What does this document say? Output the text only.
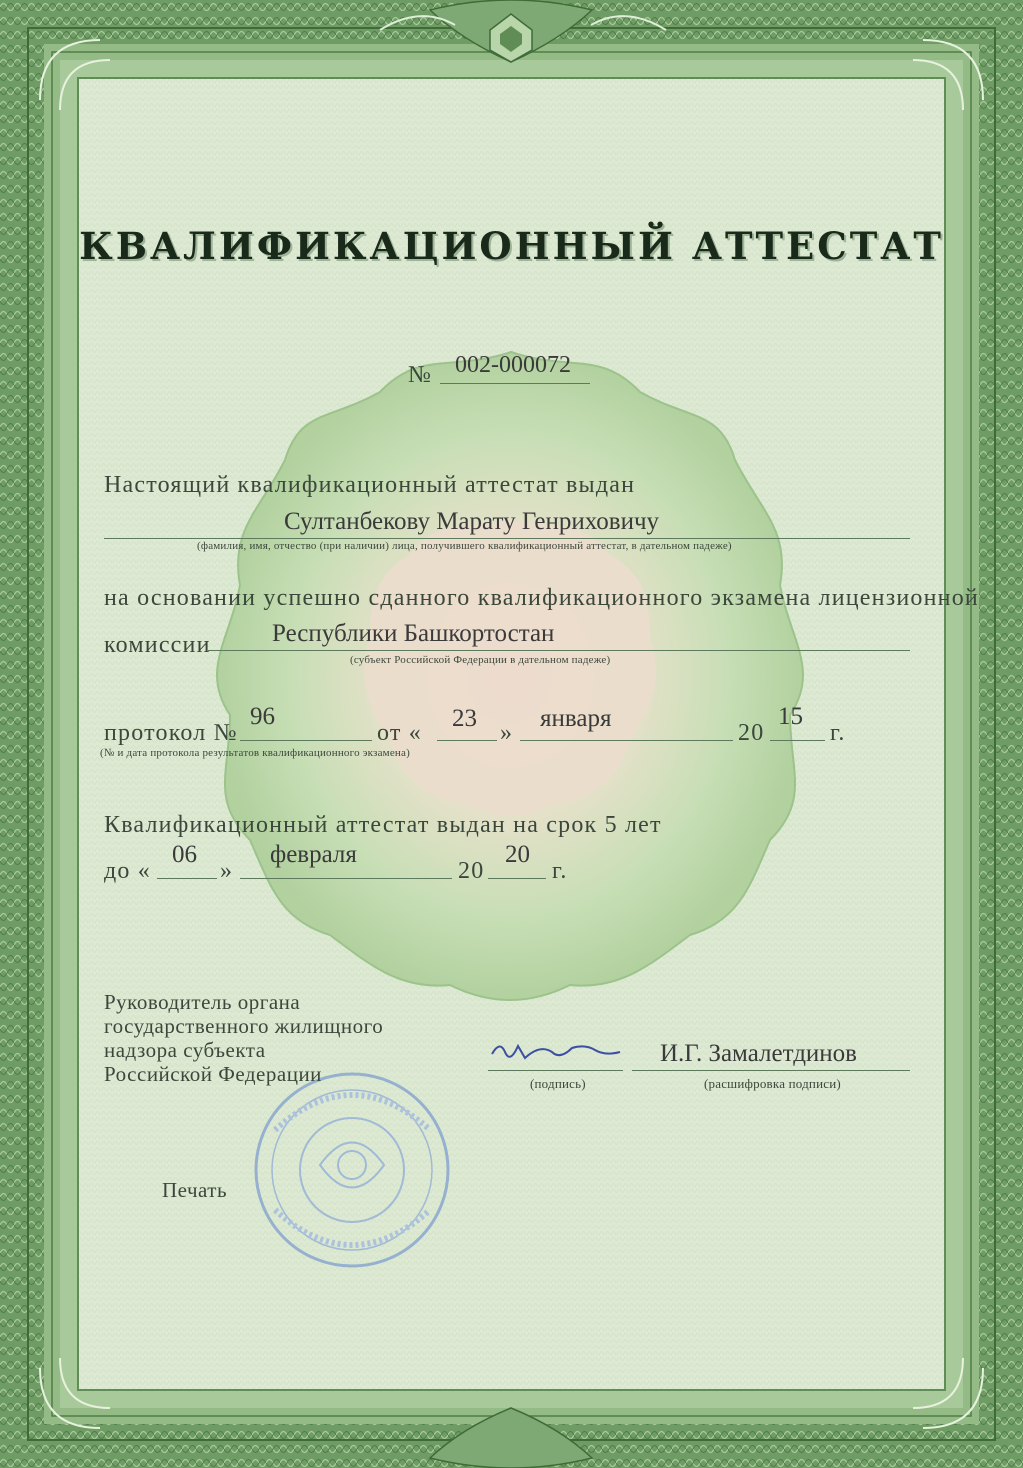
КВАЛИФИКАЦИОННЫЙ АТТЕСТАТ
№ 002-000072
Настоящий квалификационный аттестат выдан
Султанбекову Марату Генриховичу
(фамилия, имя, отчество (при наличии) лица, получившего квалификационный аттестат, в дательном падеже)
на основании успешно сданного квалификационного экзамена лицензионной
комиссии Республики Башкортостан
(субъект Российской Федерации в дательном падеже)
протокол №
96
от «
23
»
января
20
15
г.
(№ и дата протокола результатов квалификационного экзамена)
Квалификационный аттестат выдан на срок 5 лет
до «
06
»
февраля
20
20
г.
Руководитель органа
государственного жилищного
надзора субъекта
Российской Федерации	(подпись)
И.Г. Замалетдинов
(расшифровка подписи)
Печать
